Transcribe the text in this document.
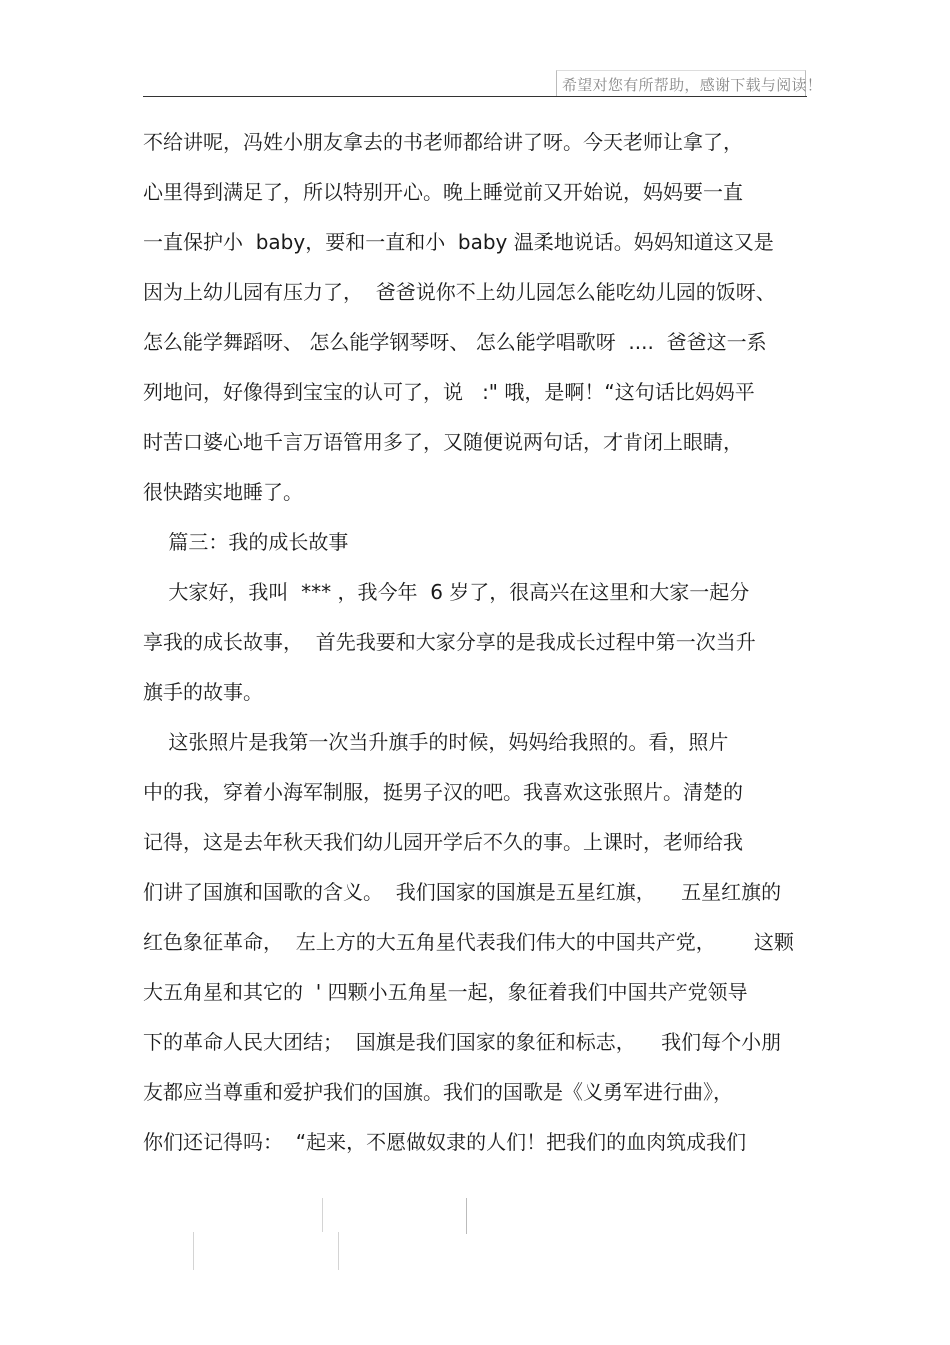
希望对您有所帮助，感谢下载与阅读！
不给讲呢，冯姓小朋友拿去的书老师都给讲了呀。今天老师让拿了，
心里得到满足了，所以特别开心。晚上睡觉前又开始说，妈妈要一直
一直保护小  baby，要和一直和小  baby 温柔地说话。妈妈知道这又是
因为上幼儿园有压力了，  爸爸说你不上幼儿园怎么能吃幼儿园的饭呀、
怎么能学舞蹈呀、 怎么能学钢琴呀、 怎么能学唱歌呀  ....  爸爸这一系
列地问，好像得到宝宝的认可了，说   :" 哦，是啊！“这句话比妈妈平
时苦口婆心地千言万语管用多了，又随便说两句话，才肯闭上眼睛，
很快踏实地睡了。
篇三：我的成长故事
大家好，我叫  *** ，我今年  6 岁了，很高兴在这里和大家一起分
享我的成长故事，  首先我要和大家分享的是我成长过程中第一次当升
旗手的故事。
这张照片是我第一次当升旗手的时候，妈妈给我照的。看，照片
中的我，穿着小海军制服，挺男子汉的吧。我喜欢这张照片。清楚的
记得，这是去年秋天我们幼儿园开学后不久的事。上课时，老师给我
们讲了国旗和国歌的含义。  我们国家的国旗是五星红旗，    五星红旗的
红色象征革命，  左上方的大五角星代表我们伟大的中国共产党，      这颗
大五角星和其它的  ' 四颗小五角星一起，象征着我们中国共产党领导
下的革命人民大团结；  国旗是我们国家的象征和标志，    我们每个小朋
友都应当尊重和爱护我们的国旗。我们的国歌是《义勇军进行曲》，
你们还记得吗：  “起来，不愿做奴隶的人们！把我们的血肉筑成我们
